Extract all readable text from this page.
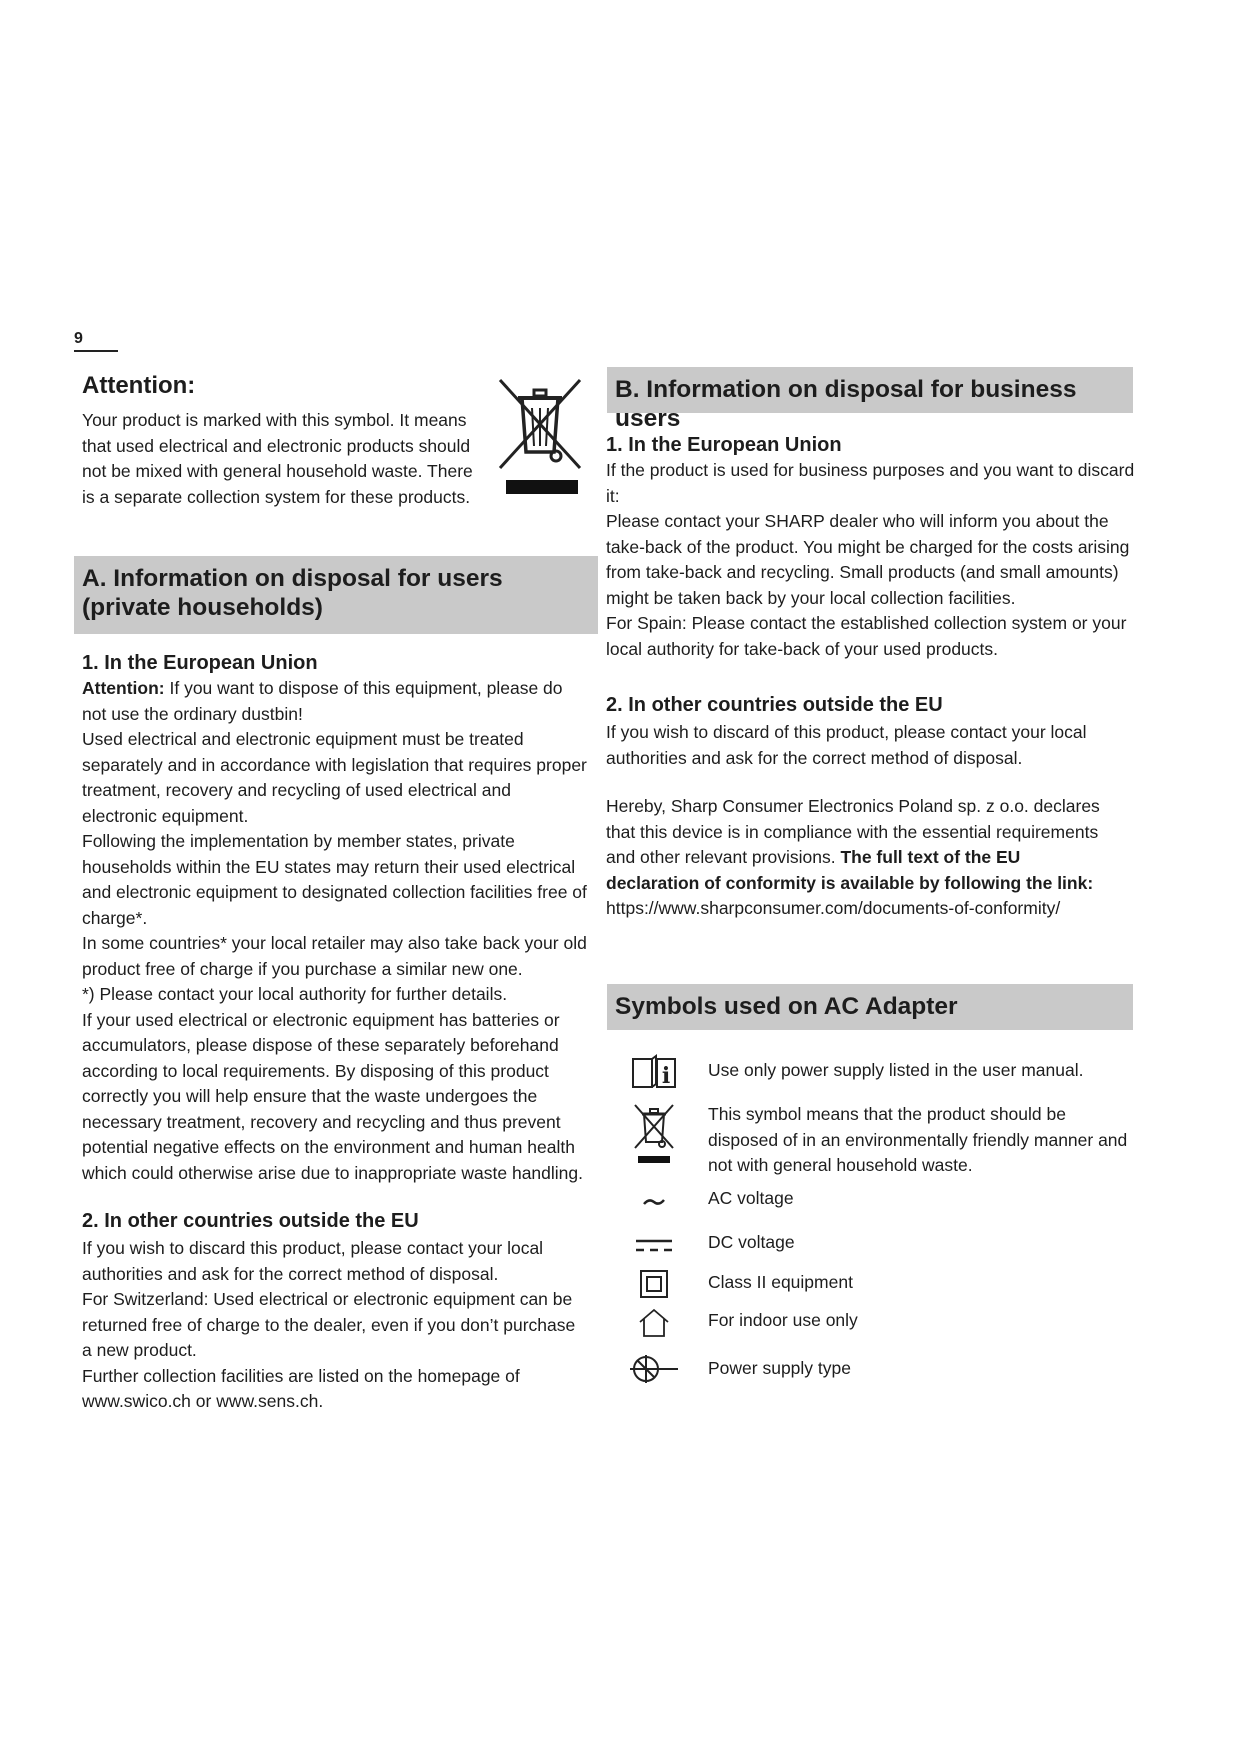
9
Attention:

Your product is marked with this symbol. It means that used electrical and electronic products should not be mixed with general household waste. There is a separate collection system for these products.

A. Information on disposal for users (private households)
1. In the European Union

Attention: If you want to dispose of this equipment, please do not use the ordinary dustbin!

Used electrical and electronic equipment must be treated separately and in accordance with legislation that requires proper treatment, recovery and recycling of used electrical and electronic equipment.

Following the implementation by member states, private households within the EU states may return their used electrical and electronic equipment to designated collection facilities free of charge*.

In some countries* your local retailer may also take back your old product free of charge if you purchase a similar new one.

*) Please contact your local authority for further details.

If your used electrical or electronic equipment has batteries or accumulators, please dispose of these separately beforehand according to local requirements. By disposing of this product correctly you will help ensure that the waste undergoes the necessary treatment, recovery and recycling and thus prevent potential negative effects on the environment and human health which could otherwise arise due to inappropriate waste handling.

2. In other countries outside the EU

If you wish to discard this product, please contact your local authorities and ask for the correct method of disposal.

For Switzerland: Used electrical or electronic equipment can be returned free of charge to the dealer, even if you don’t purchase a new product.

Further collection facilities are listed on the homepage of www.swico.ch or www.sens.ch.

B. Information on disposal for business users
1. In the European Union

If the product is used for business purposes and you want to discard it:

Please contact your SHARP dealer who will inform you about the take-back of the product. You might be charged for the costs arising from take-back and recycling. Small products (and small amounts) might be taken back by your local collection facilities.

For Spain: Please contact the established collection system or your local authority for take-back of your used products.

2. In other countries outside the EU

If you wish to discard of this product, please contact your local authorities and ask for the correct method of disposal.

Hereby, Sharp Consumer Electronics Poland sp. z o.o. declares that this device is in compliance with the essential requirements and other relevant provisions. The full text of the EU declaration of conformity is available by following the link:

https://www.sharpconsumer.com/documents-of-conformity/

Symbols used on AC Adapter
i Use only power supply listed in the user manual.
This symbol means that the product should be disposed of in an environmentally friendly manner and not with general household waste.
AC voltage
DC voltage
Class II equipment
For indoor use only
Power supply type
